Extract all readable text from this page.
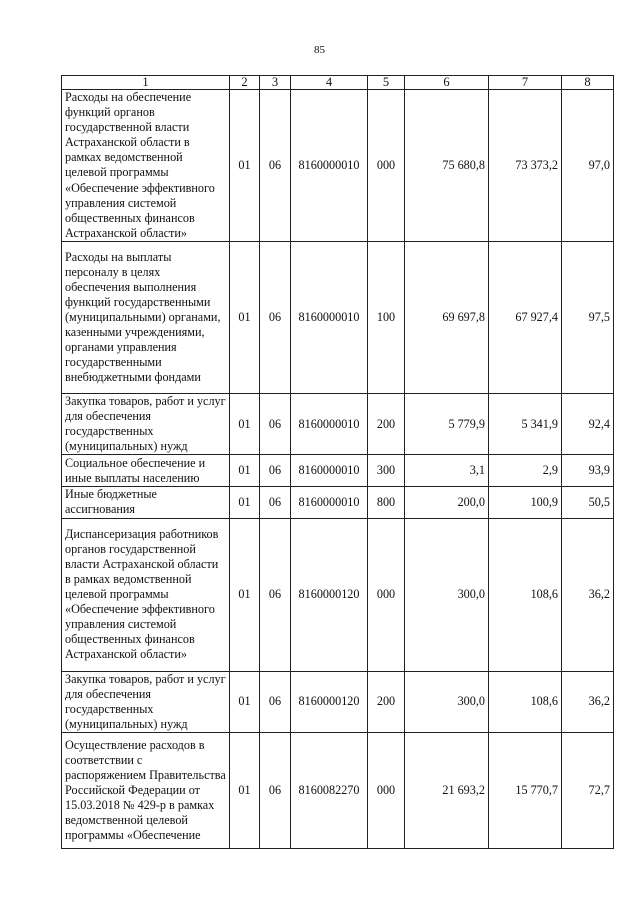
85
1	2	3	4	5	6	7	8
Расходы на обеспечение функций органов государственной власти Астраханской области в рамках ведомственной целевой программы «Обеспечение эффективного управления системой общественных финансов Астраханской области»	01	06	8160000010	000	75 680,8	73 373,2	97,0
Расходы на выплаты персоналу в целях обеспечения выполнения функций государственными (муниципальными) органами, казенными учреждениями, органами управления государственными внебюджетными фондами	01	06	8160000010	100	69 697,8	67 927,4	97,5
Закупка товаров, работ и услуг для обеспечения государственных (муниципальных) нужд	01	06	8160000010	200	5 779,9	5 341,9	92,4
Социальное обеспечение и иные выплаты населению	01	06	8160000010	300	3,1	2,9	93,9
Иные бюджетные ассигнования	01	06	8160000010	800	200,0	100,9	50,5
Диспансеризация работников органов государственной власти Астраханской области в рамках ведомственной целевой программы «Обеспечение эффективного управления системой общественных финансов Астраханской области»	01	06	8160000120	000	300,0	108,6	36,2
Закупка товаров, работ и услуг для обеспечения государственных (муниципальных) нужд	01	06	8160000120	200	300,0	108,6	36,2
Осуществление расходов в соответствии с распоряжением Правительства Российской Федерации от 15.03.2018 № 429-р в рамках ведомственной целевой программы «Обеспечение	01	06	8160082270	000	21 693,2	15 770,7	72,7
